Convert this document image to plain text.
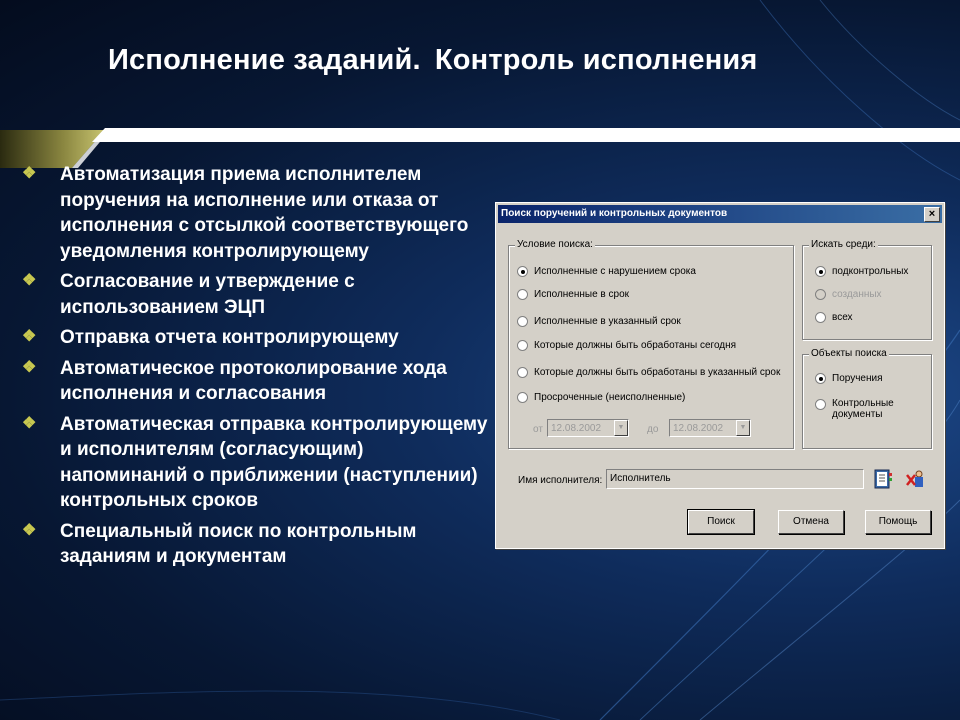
Исполнение заданий. Контроль исполнения
❖ Автоматизация приема исполнителем поручения на исполнение или отказа от исполнения с отсылкой соответствующего уведомления контролирующему
❖ Согласование и утверждение с использованием ЭЦП
❖ Отправка отчета контролирующему
❖ Автоматическое протоколирование хода исполнения и согласования
❖ Автоматическая отправка контролирующему и исполнителям (согласующим) напоминаний о приближении (наступлении) контрольных сроков
❖ Специальный поиск по контрольным заданиям и документам
Поиск поручений и контрольных документов	×
Условие поиска:
Исполненные с нарушением срока
Исполненные в срок
Исполненные в указанный срок
Которые должны быть обработаны сегодня
Которые должны быть обработаны в указанный срок
Просроченные (неисполненные)
от 12.08.2002	▼	до	12.08.2002	▼
Искать среди:
подконтрольных
созданных
всех
Объекты поиска
Поручения
Контрольные документы
Имя исполнителя: Исполнитель
Поиск	Отмена	Помощь
